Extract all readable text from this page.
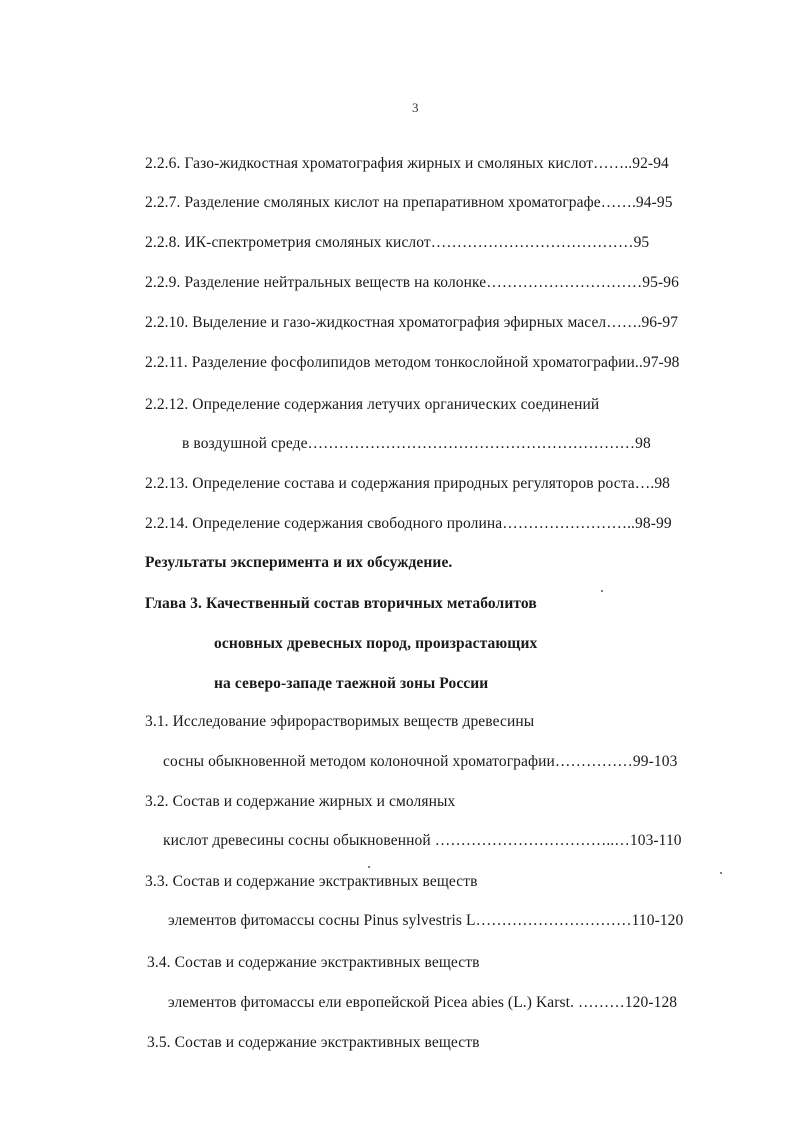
3
2.2.6. Газо-жидкостная хроматография жирных и смоляных кислот……..92-94
2.2.7. Разделение смоляных кислот на препаративном хроматографе…….94-95
2.2.8. ИК-спектрометрия смоляных кислот…………………………………95
2.2.9. Разделение нейтральных веществ на колонке…………………………95-96
2.2.10. Выделение и газо-жидкостная хроматография эфирных масел…….96-97
2.2.11. Разделение фосфолипидов методом тонкослойной хроматографии..97-98
2.2.12. Определение содержания летучих органических соединений
в воздушной среде………………………………………………………98
2.2.13. Определение состава и содержания природных регуляторов роста….98
2.2.14. Определение содержания свободного пролина……………………..98-99
Результаты эксперимента и их обсуждение.
Глава 3. Качественный состав вторичных метаболитов
основных древесных пород, произрастающих
на северо-западе таежной зоны России
3.1. Исследование эфирорастворимых веществ древесины
сосны обыкновенной методом колоночной хроматографии……………99-103
3.2. Состав и содержание жирных и смоляных
кислот древесины сосны обыкновенной ……………………………..…103-110
3.3. Состав и содержание экстрактивных веществ
элементов фитомассы сосны Pinus sylvestris L…………………………110-120
3.4. Состав и содержание экстрактивных веществ
элементов фитомассы ели европейской Picea abies (L.) Karst. ………120-128
3.5. Состав и содержание экстрактивных веществ
